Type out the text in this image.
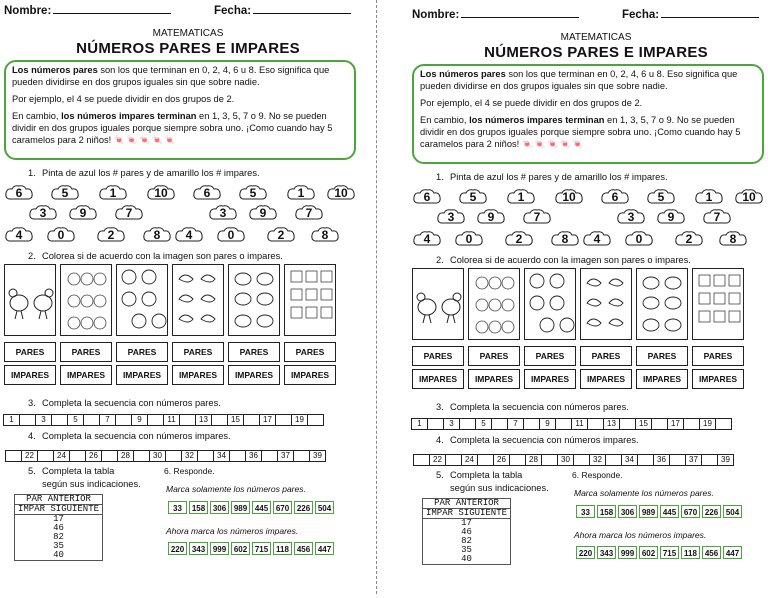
Nombre:	Fecha:
MATEMATICAS
NÚMEROS PARES E IMPARES

Los números pares son los que terminan en 0, 2, 4, 6 u 8. Eso significa que pueden dividirse en dos grupos iguales sin que sobre nadie.

Por ejemplo, el 4 se puede dividir en dos grupos de 2.

En cambio, los números impares terminan en 1, 3, 5, 7 o 9. No se pueden dividir en dos grupos iguales porque siempre sobra uno. ¡Como cuando hay 5 caramelos para 2 niños! 🍬🍬🍬🍬🍬

1. Pinta de azul los # pares y de amarillo los # impares.
6	5	1	10	6	5	1	10
3	9	7	3	9	7
4	0	2	8	4	0	2	8
2. Colorea si de acuerdo con la imagen son pares o impares.
PARES	PARES	PARES	PARES	PARES	PARES
IMPARES	IMPARES	IMPARES	IMPARES	IMPARES	IMPARES
3. Completa la secuencia con números pares.
1	3	5	7	9	11	13	15	17	19
4. Completa la secuencia con números impares.
22	24	26	28	30	32	34	36	37	39
5. Completa la tabla
según sus indicaciones.
PAR ANTERIOR
IMPAR SIGUIENTE
17
46
82
35
40
6. Responde.
Marca solamente los números pares.
33	158 306 989 445 670 226 504
Ahora marca los números impares.
220 343 999 602 715 118 456 447
Nombre:	Fecha:
MATEMATICAS
NÚMEROS PARES E IMPARES

Los números pares son los que terminan en 0, 2, 4, 6 u 8. Eso significa que pueden dividirse en dos grupos iguales sin que sobre nadie.

Por ejemplo, el 4 se puede dividir en dos grupos de 2.

En cambio, los números impares terminan en 1, 3, 5, 7 o 9. No se pueden dividir en dos grupos iguales porque siempre sobra uno. ¡Como cuando hay 5 caramelos para 2 niños! 🍬🍬🍬🍬🍬

1. Pinta de azul los # pares y de amarillo los # impares.
6	5	1	10	6	5	1	10
3	9	7	3	9	7
4	0	2	8	4	0	2	8
2. Colorea si de acuerdo con la imagen son pares o impares.
PARES	PARES	PARES	PARES	PARES	PARES
IMPARES	IMPARES	IMPARES	IMPARES	IMPARES	IMPARES
3. Completa la secuencia con números pares.
1	3	5	7	9	11	13	15	17	19
4. Completa la secuencia con números impares.
22	24	26	28	30	32	34	36	37	39
5. Completa la tabla
según sus indicaciones.
PAR ANTERIOR
IMPAR SIGUIENTE
17
46
82
35
40
6. Responde.
Marca solamente los números pares.
33	158 306 989 445 670 226 504
Ahora marca los números impares.
220 343 999 602 715 118 456 447
